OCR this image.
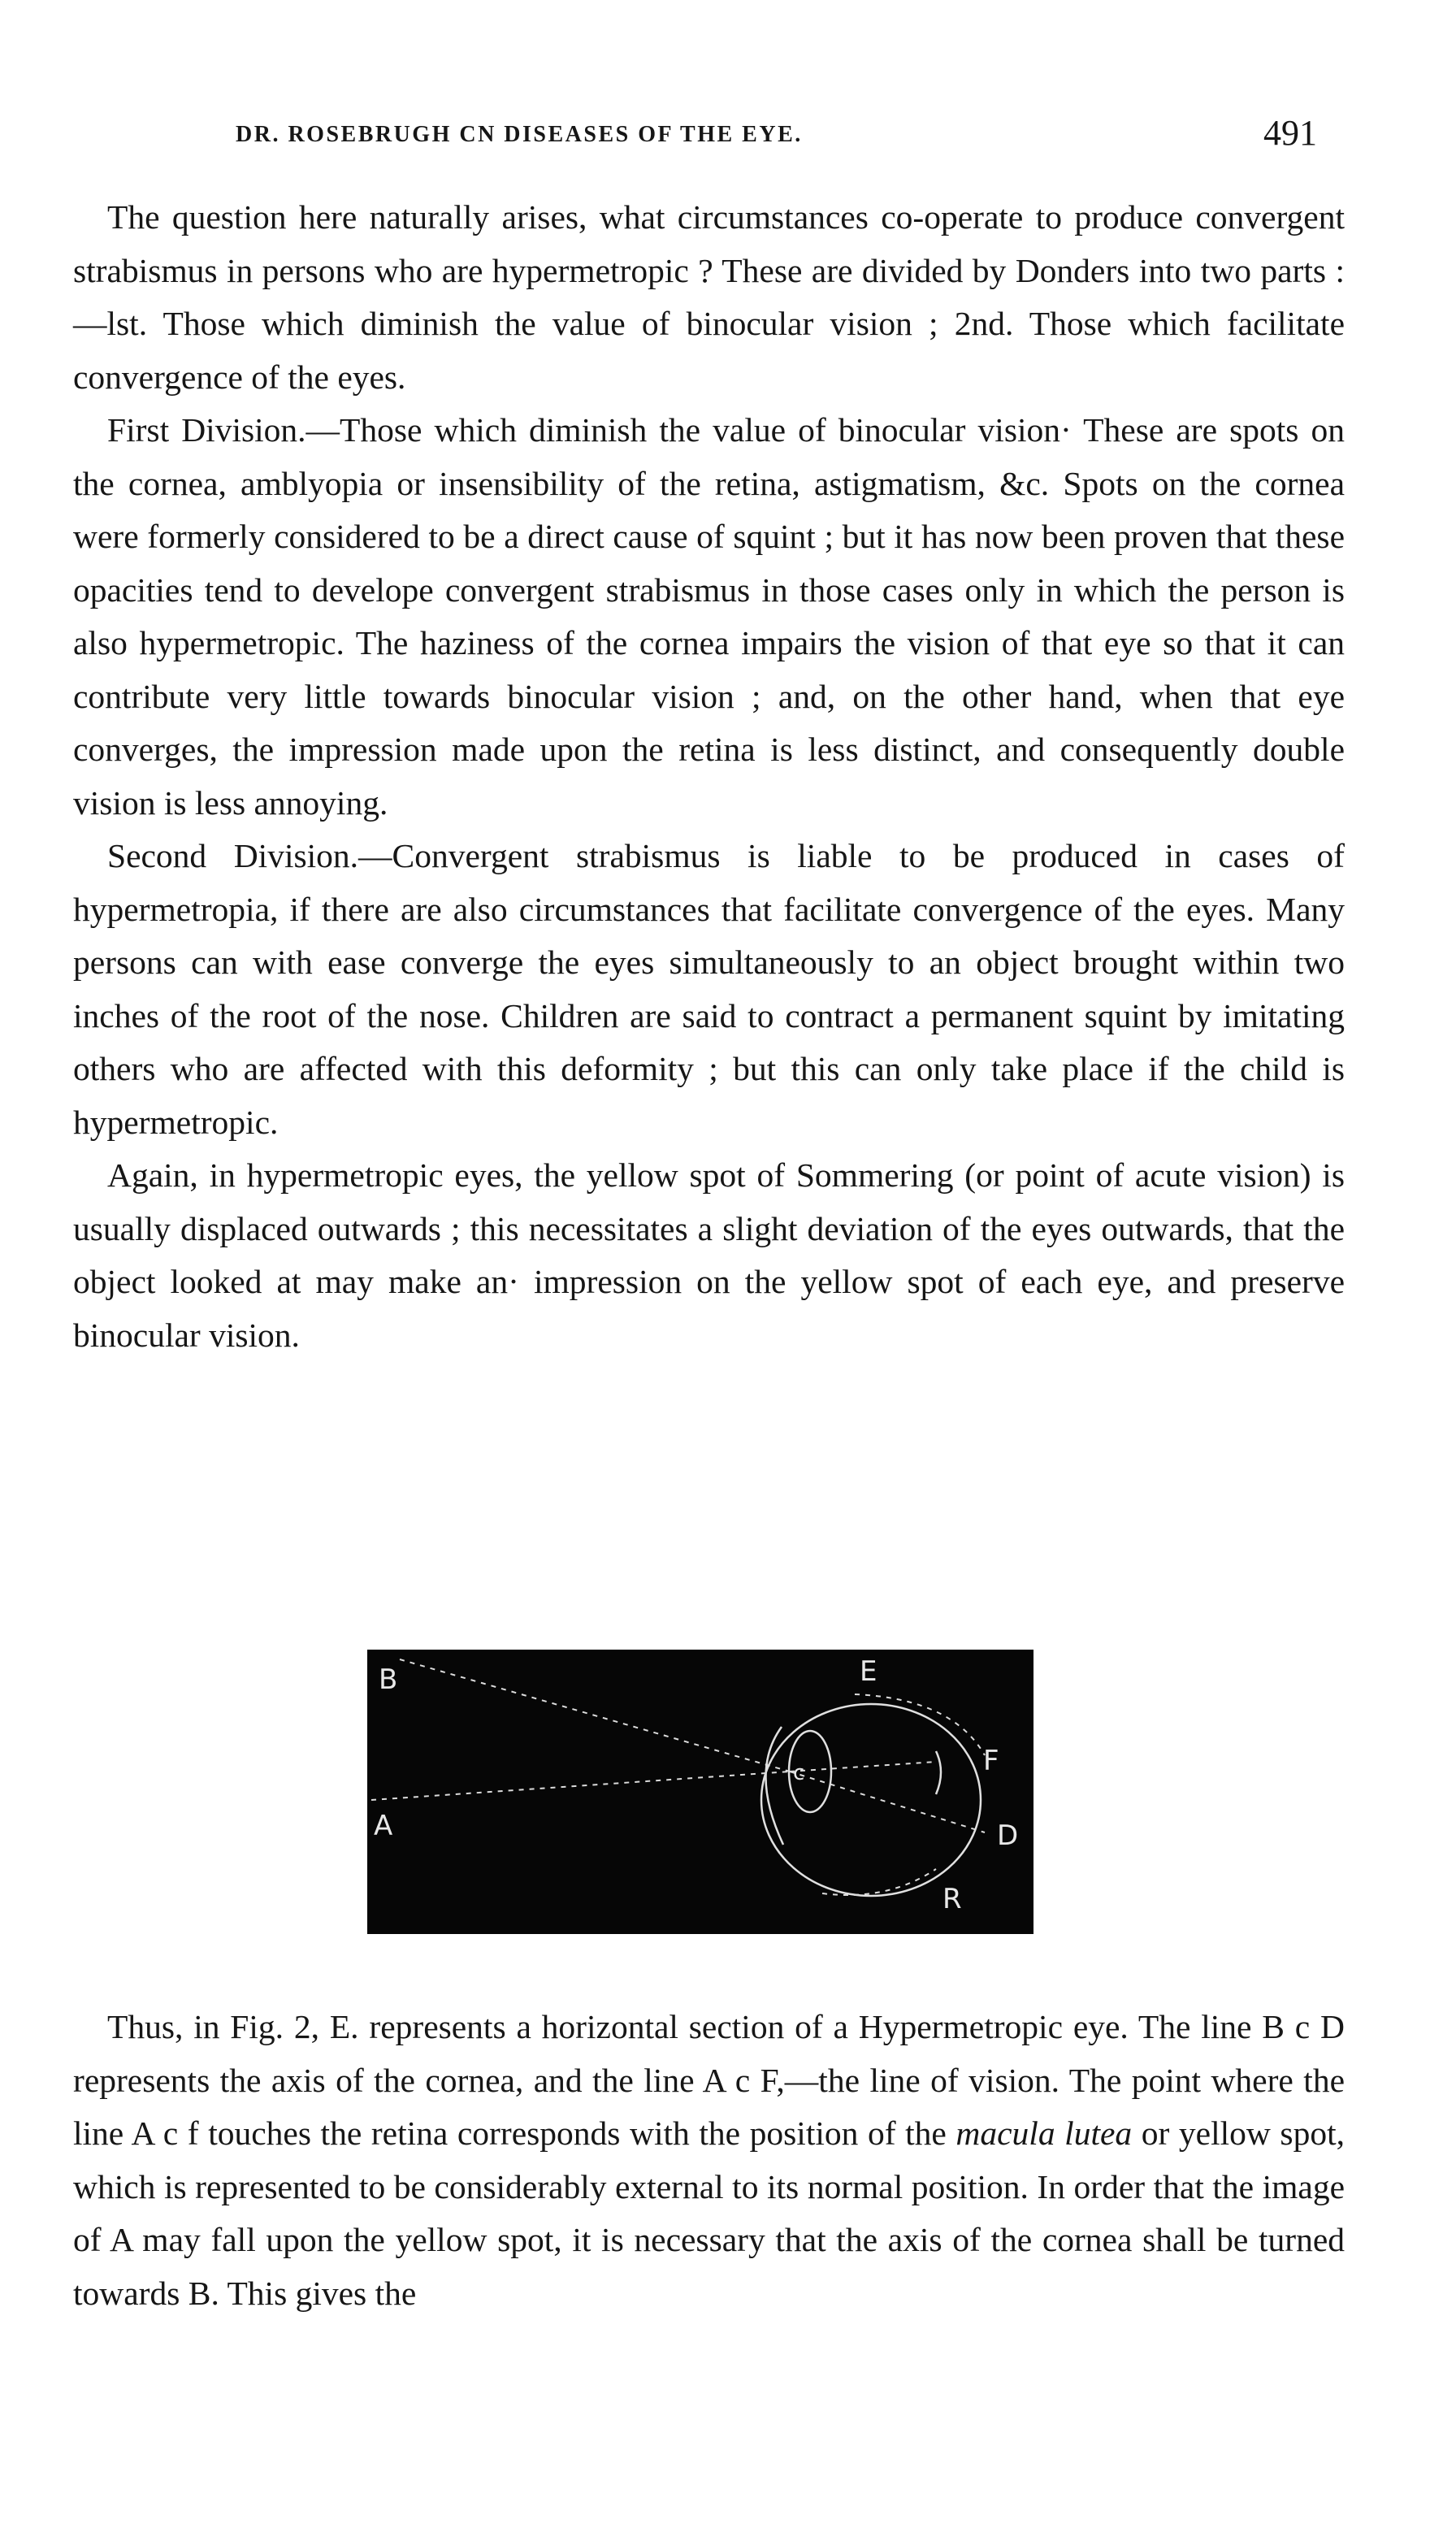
DR. ROSEBRUGH CN DISEASES OF THE EYE.	491

The question here naturally arises, what circumstances co-operate to produce convergent strabismus in persons who are hypermetropic ? These are divided by Donders into two parts :—lst. Those which diminish the value of binocular vision ; 2nd. Those which facilitate convergence of the eyes.

First Division.—Those which diminish the value of binocular vision· These are spots on the cornea, amblyopia or insensibility of the retina, astigmatism, &c. Spots on the cornea were formerly considered to be a direct cause of squint ; but it has now been proven that these opacities tend to develope convergent strabismus in those cases only in which the person is also hypermetropic. The haziness of the cornea impairs the vision of that eye so that it can contribute very little towards binocular vision ; and, on the other hand, when that eye converges, the impression made upon the retina is less distinct, and consequently double vision is less annoying.

Second Division.—Convergent strabismus is liable to be produced in cases of hypermetropia, if there are also circumstances that facilitate convergence of the eyes. Many persons can with ease converge the eyes simultaneously to an object brought within two inches of the root of the nose. Children are said to contract a permanent squint by imitating others who are affected with this deformity ; but this can only take place if the child is hypermetropic.

Again, in hypermetropic eyes, the yellow spot of Sommering (or point of acute vision) is usually displaced outwards ; this necessitates a slight deviation of the eyes outwards, that the object looked at may make an· impression on the yellow spot of each eye, and preserve binocular vision.

B
A
E
F
D
R
c

Thus, in Fig. 2, E. represents a horizontal section of a Hypermetropic eye. The line B c D represents the axis of the cornea, and the line A c F,—the line of vision. The point where the line A c f touches the retina corresponds with the position of the macula lutea or yellow spot, which is represented to be considerably external to its normal position. In order that the image of A may fall upon the yellow spot, it is necessary that the axis of the cornea shall be turned towards B. This gives the
